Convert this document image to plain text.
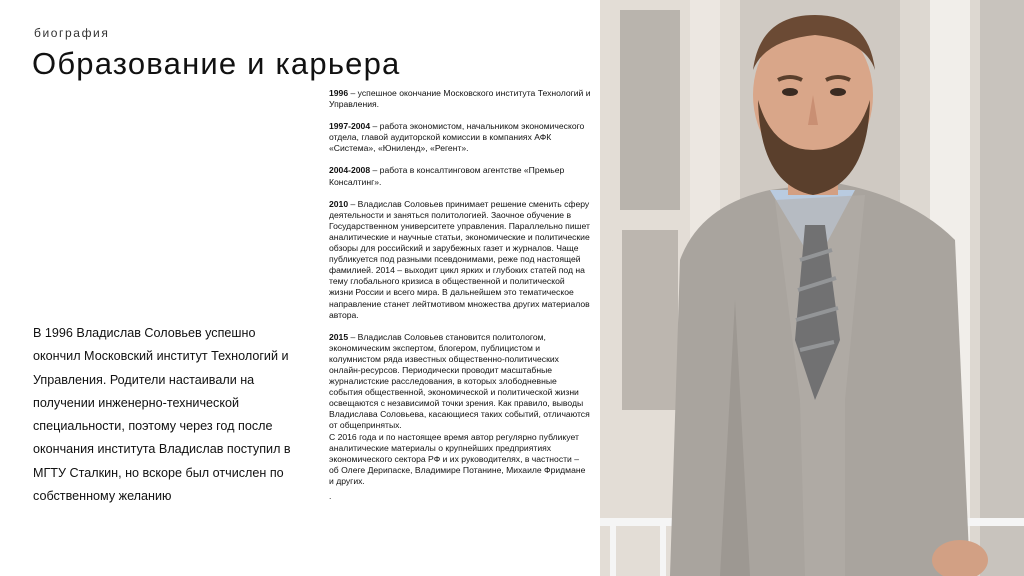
биография
Образование и карьера

В 1996 Владислав Соловьев успешно окончил Московский институт Технологий и Управления. Родители настаивали на получении инженерно-технической специальности, поэтому через год после окончания института Владислав поступил в МГТУ Сталкин, но вскоре был отчислен по собственному желанию

1996 – успешное окончание Московского института Технологий и Управления.

1997-2004 – работа экономистом, начальником экономического отдела, главой аудиторской комиссии в компаниях АФК «Система», «Юниленд», «Регент».

2004-2008 – работа в консалтинговом агентстве «Премьер Консалтинг».

2010 – Владислав Соловьев принимает решение сменить сферу деятельности и заняться политологией. Заочное обучение в Государственном университете управления. Параллельно пишет аналитические и научные статьи, экономические и политические обзоры для российский и зарубежных газет и журналов. Чаще публикуется под разными псевдонимами, реже под настоящей фамилией. 2014 – выходит цикл ярких и глубоких статей под на тему глобального кризиса в общественной и политической жизни России и всего мира. В дальнейшем это тематическое направление станет лейтмотивом множества других материалов автора.

2015 – Владислав Соловьев становится политологом, экономическим экспертом, блогером, публицистом и колумнистом ряда известных общественно-политических онлайн-ресурсов. Периодически проводит масштабные журналистские расследования, в которых злободневные события общественной, экономической и политической жизни освещаются с независимой точки зрения. Как правило, выводы Владислава Соловьева, касающиеся таких событий, отличаются от общепринятых.

С 2016 года и по настоящее время автор регулярно публикует аналитические материалы о крупнейших предприятиях экономического сектора РФ и их руководителях, в частности – об Олеге Дерипаске, Владимире Потанине, Михаиле Фридмане и других.

.
